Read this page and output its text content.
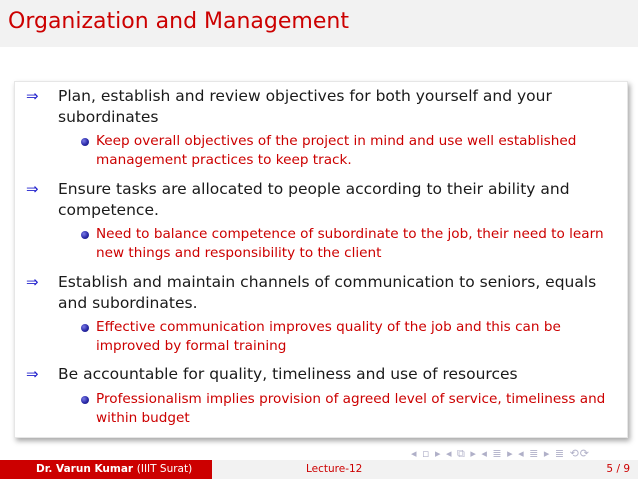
Organization and Management
⇒	Plan, establish and review objectives for both yourself and your subordinates
Keep overall objectives of the project in mind and use well established management practices to keep track.
⇒	Ensure tasks are allocated to people according to their ability and competence.
Need to balance competence of subordinate to the job, their need to learn new things and responsibility to the client
⇒	Establish and maintain channels of communication to seniors, equals and subordinates.
Effective communication improves quality of the job and this can be improved by formal training
⇒	Be accountable for quality, timeliness and use of resources
Professionalism implies provision of agreed level of service, timeliness and within budget
◂ ▫ ▸ ◂ ⧉ ▸ ◂ ≣ ▸ ◂ ≣ ▸ ≣ ⟲⟳
Dr. Varun Kumar (IIIT Surat)	Lecture-12	5 / 9
